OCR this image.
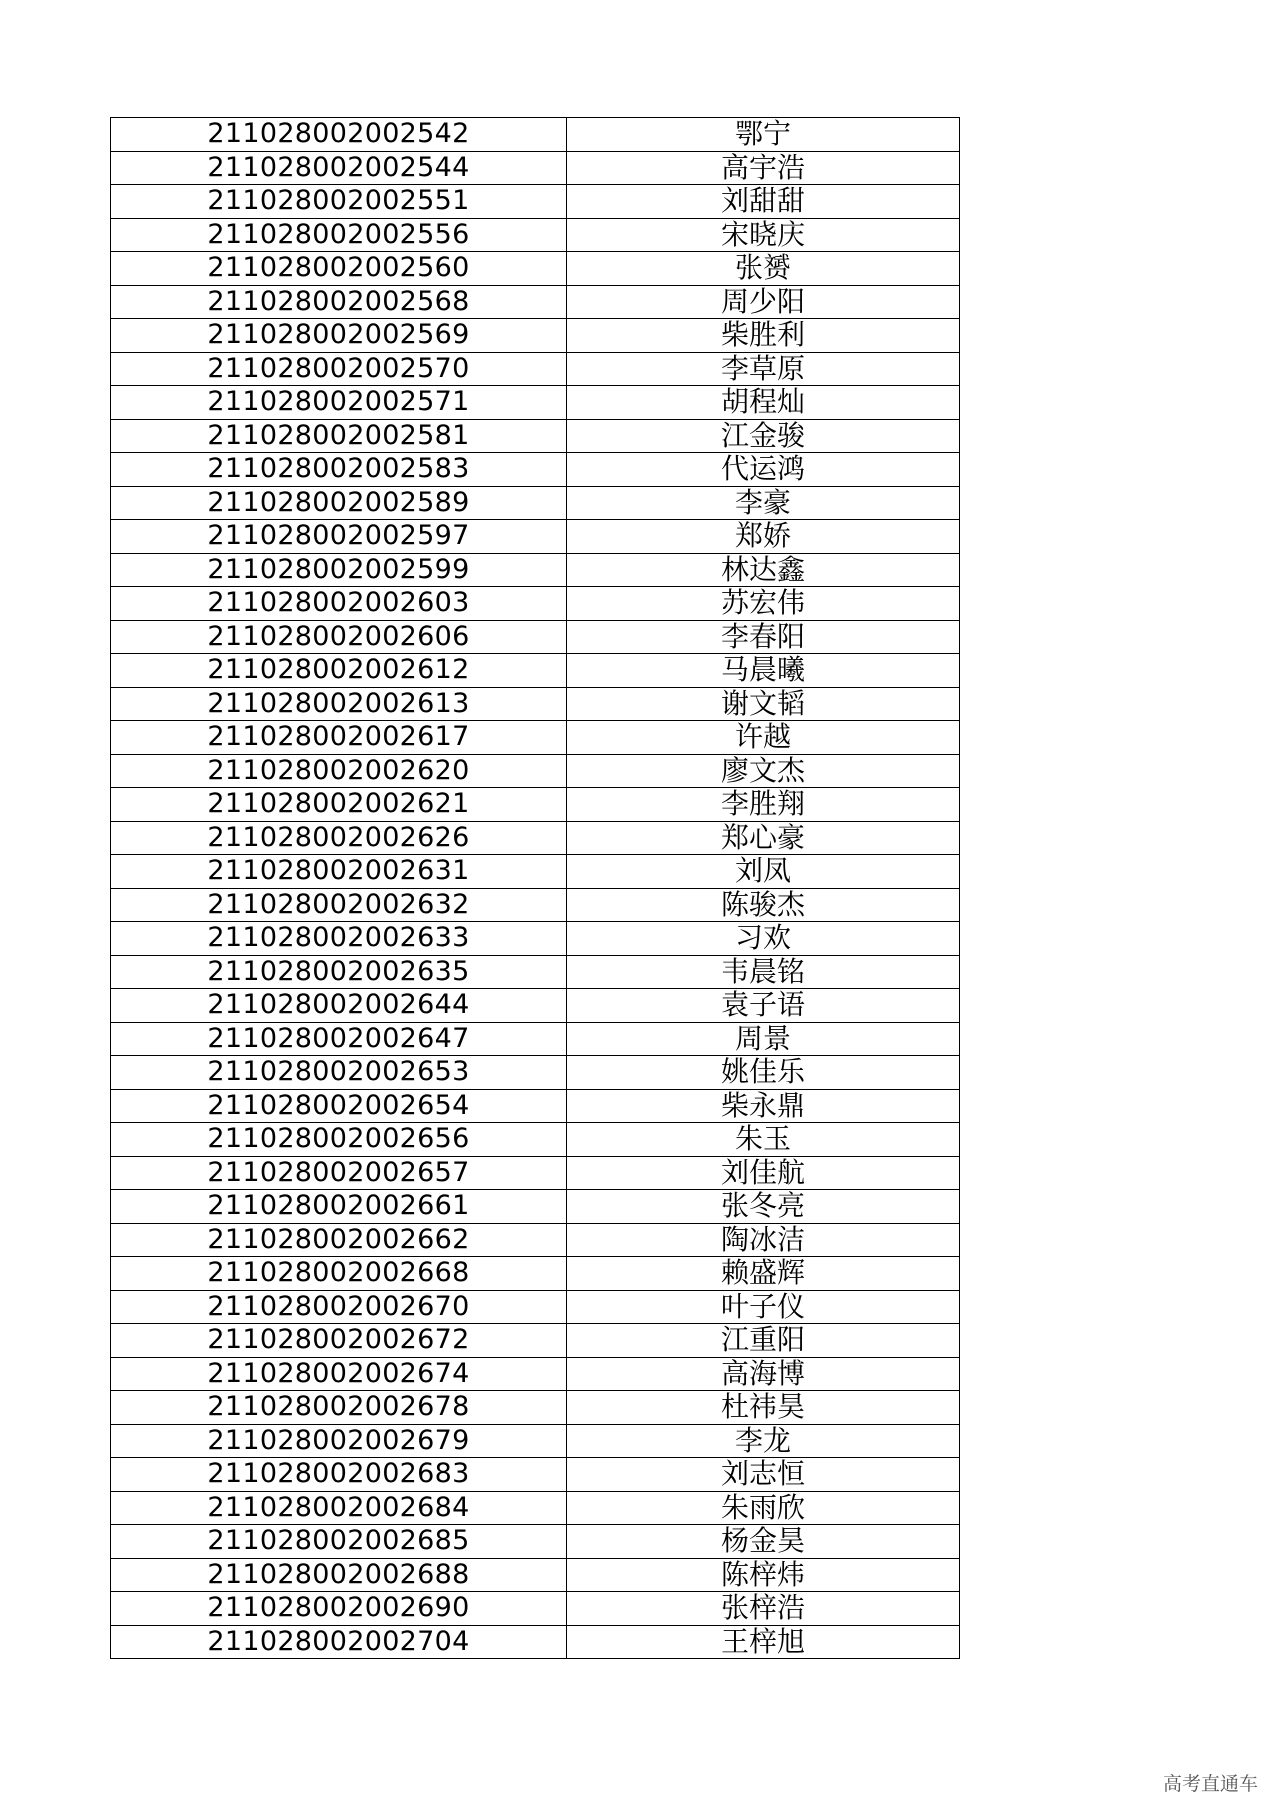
211028002002542	鄂宁
211028002002544	高宇浩
211028002002551	刘甜甜
211028002002556	宋晓庆
211028002002560	张赟
211028002002568	周少阳
211028002002569	柴胜利
211028002002570	李草原
211028002002571	胡程灿
211028002002581	江金骏
211028002002583	代运鸿
211028002002589	李豪
211028002002597	郑娇
211028002002599	林达鑫
211028002002603	苏宏伟
211028002002606	李春阳
211028002002612	马晨曦
211028002002613	谢文韬
211028002002617	许越
211028002002620	廖文杰
211028002002621	李胜翔
211028002002626	郑心豪
211028002002631	刘凤
211028002002632	陈骏杰
211028002002633	习欢
211028002002635	韦晨铭
211028002002644	袁子语
211028002002647	周景
211028002002653	姚佳乐
211028002002654	柴永鼎
211028002002656	朱玉
211028002002657	刘佳航
211028002002661	张冬亮
211028002002662	陶冰洁
211028002002668	赖盛辉
211028002002670	叶子仪
211028002002672	江重阳
211028002002674	高海博
211028002002678	杜祎昊
211028002002679	李龙
211028002002683	刘志恒
211028002002684	朱雨欣
211028002002685	杨金昊
211028002002688	陈梓炜
211028002002690	张梓浩
211028002002704	王梓旭
高考直通车
